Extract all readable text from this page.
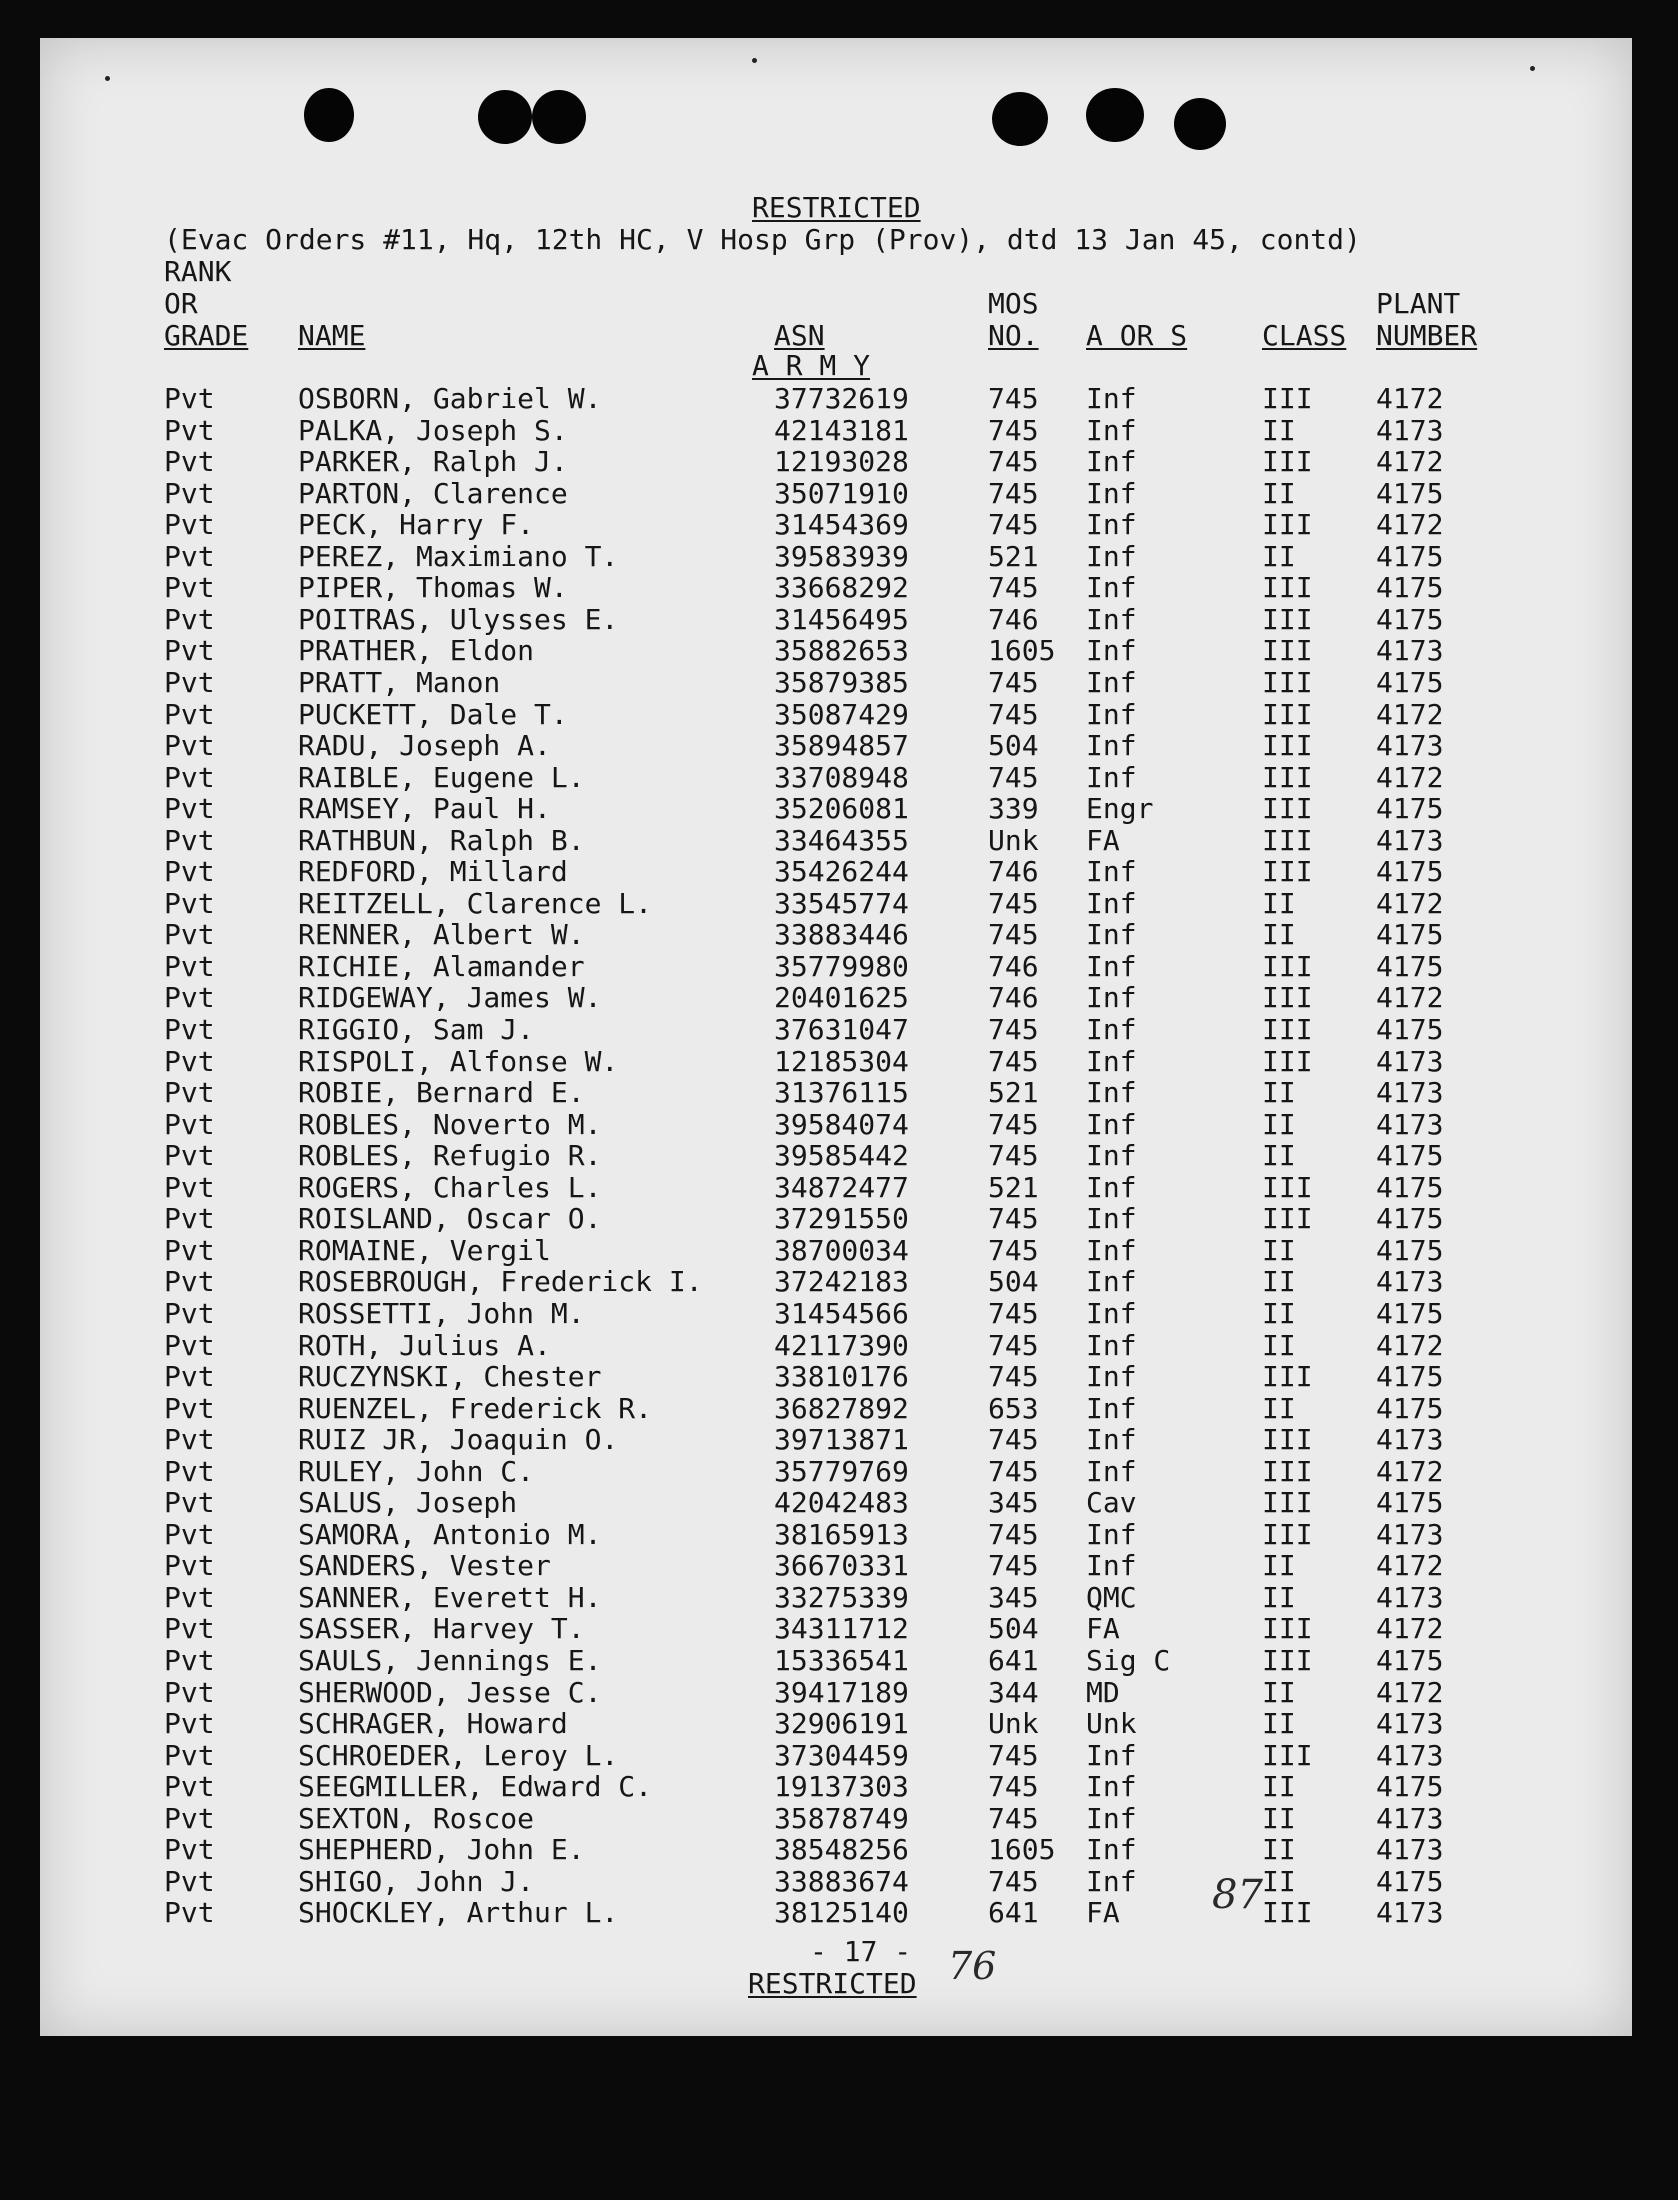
RESTRICTED
(Evac Orders #11, Hq, 12th HC, V Hosp Grp (Prov), dtd 13 Jan 45, contd)
RANK
OR
GRADE NAME	ASN
MOS
NO. A OR S	CLASS
PLANT
NUMBER
A R M Y
Pvt	OSBORN, Gabriel W.	37732619	745 Inf	III 4172
Pvt	PALKA, Joseph S.	42143181	745 Inf	II	4173
Pvt	PARKER, Ralph J.	12193028	745 Inf	III 4172
Pvt	PARTON, Clarence	35071910	745 Inf	II	4175
Pvt	PECK, Harry F.	31454369	745 Inf	III 4172
Pvt	PEREZ, Maximiano T.	39583939	521 Inf	II	4175
Pvt	PIPER, Thomas W.	33668292	745 Inf	III 4175
Pvt	POITRAS, Ulysses E.	31456495	746 Inf	III 4175
Pvt	PRATHER, Eldon	35882653	1605 Inf	III 4173
Pvt	PRATT, Manon	35879385	745 Inf	III 4175
Pvt	PUCKETT, Dale T.	35087429	745 Inf	III 4172
Pvt	RADU, Joseph A.	35894857	504 Inf	III 4173
Pvt	RAIBLE, Eugene L.	33708948	745 Inf	III 4172
Pvt	RAMSEY, Paul H.	35206081	339 Engr	III 4175
Pvt	RATHBUN, Ralph B.	33464355	Unk FA	III 4173
Pvt	REDFORD, Millard	35426244	746 Inf	III 4175
Pvt	REITZELL, Clarence L.	33545774	745 Inf	II	4172
Pvt	RENNER, Albert W.	33883446	745 Inf	II	4175
Pvt	RICHIE, Alamander	35779980	746 Inf	III 4175
Pvt	RIDGEWAY, James W.	20401625	746 Inf	III 4172
Pvt	RIGGIO, Sam J.	37631047	745 Inf	III 4175
Pvt	RISPOLI, Alfonse W.	12185304	745 Inf	III 4173
Pvt	ROBIE, Bernard E.	31376115	521 Inf	II	4173
Pvt	ROBLES, Noverto M.	39584074	745 Inf	II	4173
Pvt	ROBLES, Refugio R.	39585442	745 Inf	II	4175
Pvt	ROGERS, Charles L.	34872477	521 Inf	III 4175
Pvt	ROISLAND, Oscar O.	37291550	745 Inf	III 4175
Pvt	ROMAINE, Vergil	38700034	745 Inf	II	4175
Pvt	ROSEBROUGH, Frederick I.	37242183	504 Inf	II	4173
Pvt	ROSSETTI, John M.	31454566	745 Inf	II	4175
Pvt	ROTH, Julius A.	42117390	745 Inf	II	4172
Pvt	RUCZYNSKI, Chester	33810176	745 Inf	III 4175
Pvt	RUENZEL, Frederick R.	36827892	653 Inf	II	4175
Pvt	RUIZ JR, Joaquin O.	39713871	745 Inf	III 4173
Pvt	RULEY, John C.	35779769	745 Inf	III 4172
Pvt	SALUS, Joseph	42042483	345 Cav	III 4175
Pvt	SAMORA, Antonio M.	38165913	745 Inf	III 4173
Pvt	SANDERS, Vester	36670331	745 Inf	II	4172
Pvt	SANNER, Everett H.	33275339	345 QMC	II	4173
Pvt	SASSER, Harvey T.	34311712	504 FA	III 4172
Pvt	SAULS, Jennings E.	15336541	641 Sig C	III 4175
Pvt	SHERWOOD, Jesse C.	39417189	344 MD	II	4172
Pvt	SCHRAGER, Howard	32906191	Unk Unk	II	4173
Pvt	SCHROEDER, Leroy L.	37304459	745 Inf	III 4173
Pvt	SEEGMILLER, Edward C.	19137303	745 Inf	II	4175
Pvt	SEXTON, Roscoe	35878749	745 Inf	II	4173
Pvt	SHEPHERD, John E.	38548256	1605 Inf	II	4173
Pvt	SHIGO, John J.	33883674	745 Inf	II	4175
Pvt	SHOCKLEY, Arthur L.	38125140	641 FA	III 4173
- 17 -
RESTRICTED 76
87
